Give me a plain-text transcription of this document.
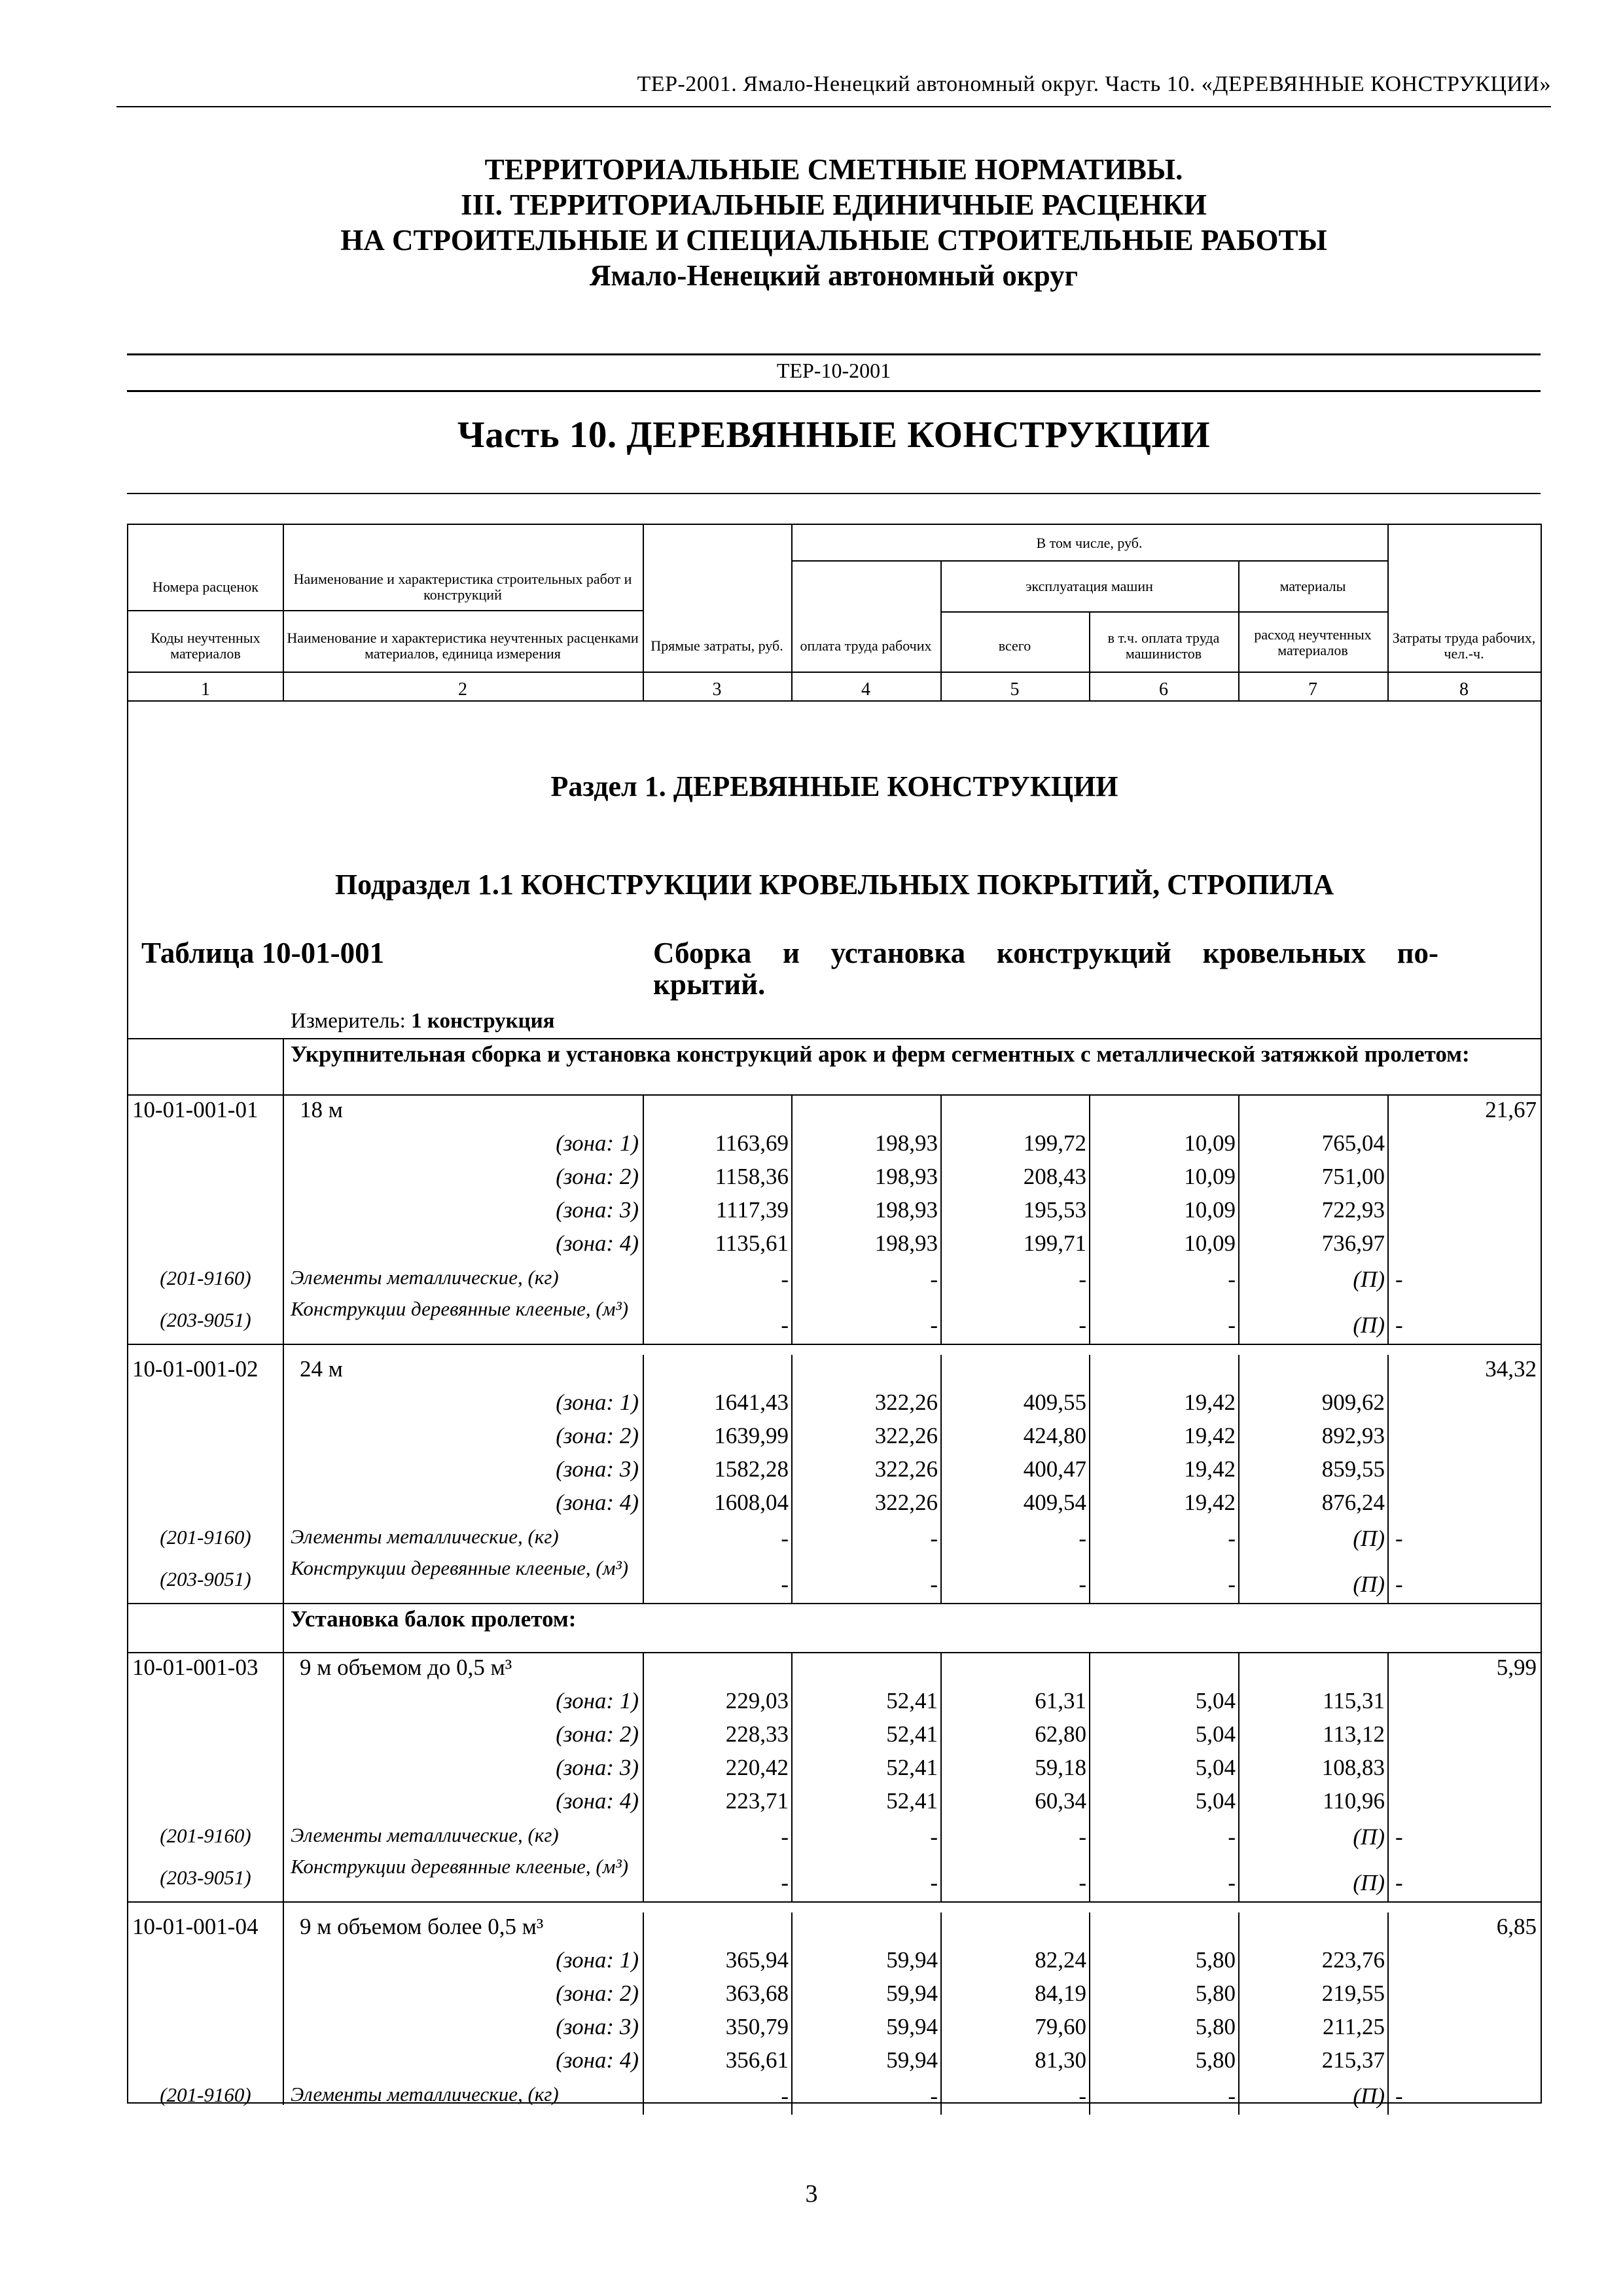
ТЕР-2001. Ямало-Ненецкий автономный округ. Часть 10. «ДЕРЕВЯННЫЕ КОНСТРУКЦИИ»
ТЕРРИТОРИАЛЬНЫЕ СМЕТНЫЕ НОРМАТИВЫ.
III. ТЕРРИТОРИАЛЬНЫЕ ЕДИНИЧНЫЕ РАСЦЕНКИ
НА СТРОИТЕЛЬНЫЕ И СПЕЦИАЛЬНЫЕ СТРОИТЕЛЬНЫЕ РАБОТЫ
Ямало-Ненецкий автономный округ
ТЕР-10-2001
Часть 10. ДЕРЕВЯННЫЕ КОНСТРУКЦИИ
Номера расценок
Коды неучтенных материалов
Наименование и характеристика строительных работ и конструкций
Наименование и характеристика неучтенных расценками материалов, единица измерения	Прямые затраты, руб.
В том числе, руб.
оплата труда рабочих
эксплуатация машин
всего	в т.ч. оплата труда машинистов
материалы
расход неучтенных материалов
Затраты труда рабочих, чел.-ч.
1	2	3	4	5	6	7	8
Раздел 1. ДЕРЕВЯННЫЕ КОНСТРУКЦИИ
Подраздел 1.1 КОНСТРУКЦИИ КРОВЕЛЬНЫХ ПОКРЫТИЙ, СТРОПИЛА
Таблица 10-01-001	Сборка и установка конструкций кровельных по-
крытий.
Измеритель: 1 конструкция
Укрупнительная сборка и установка конструкций арок и ферм сегментных с металлической затяжкой пролетом:
10-01-001-01 18 м	21,67
(зона: 1)	1163,69	198,93	199,72	10,09	765,04
(зона: 2)	1158,36	198,93	208,43	10,09	751,00
(зона: 3)	1117,39	198,93	195,53	10,09	722,93
(зона: 4)	1135,61	198,93	199,71	10,09	736,97
(201-9160)	Элементы металлические, (кг)	-	-	-	-	(П) -
(203-9051)	Конструкции деревянные клееные, (м³)
-	-	-	-	(П) -
10-01-001-02 24 м	34,32
(зона: 1)	1641,43	322,26	409,55	19,42	909,62
(зона: 2)	1639,99	322,26	424,80	19,42	892,93
(зона: 3)	1582,28	322,26	400,47	19,42	859,55
(зона: 4)	1608,04	322,26	409,54	19,42	876,24
(201-9160)	Элементы металлические, (кг)	-	-	-	-	(П) -
(203-9051)	Конструкции деревянные клееные, (м³)
-	-	-	-	(П) -
Установка балок пролетом:
10-01-001-03 9 м объемом до 0,5 м³	5,99
(зона: 1)	229,03	52,41	61,31	5,04	115,31
(зона: 2)	228,33	52,41	62,80	5,04	113,12
(зона: 3)	220,42	52,41	59,18	5,04	108,83
(зона: 4)	223,71	52,41	60,34	5,04	110,96
(201-9160)	Элементы металлические, (кг)	-	-	-	-	(П) -
(203-9051)	Конструкции деревянные клееные, (м³)
-	-	-	-	(П) -
10-01-001-04 9 м объемом более 0,5 м³	6,85
(зона: 1)	365,94	59,94	82,24	5,80	223,76
(зона: 2)	363,68	59,94	84,19	5,80	219,55
(зона: 3)	350,79	59,94	79,60	5,80	211,25
(зона: 4)	356,61	59,94	81,30	5,80	215,37
(201-9160)	Элементы металлические, (кг)	-	-	-	-	(П) -
3
